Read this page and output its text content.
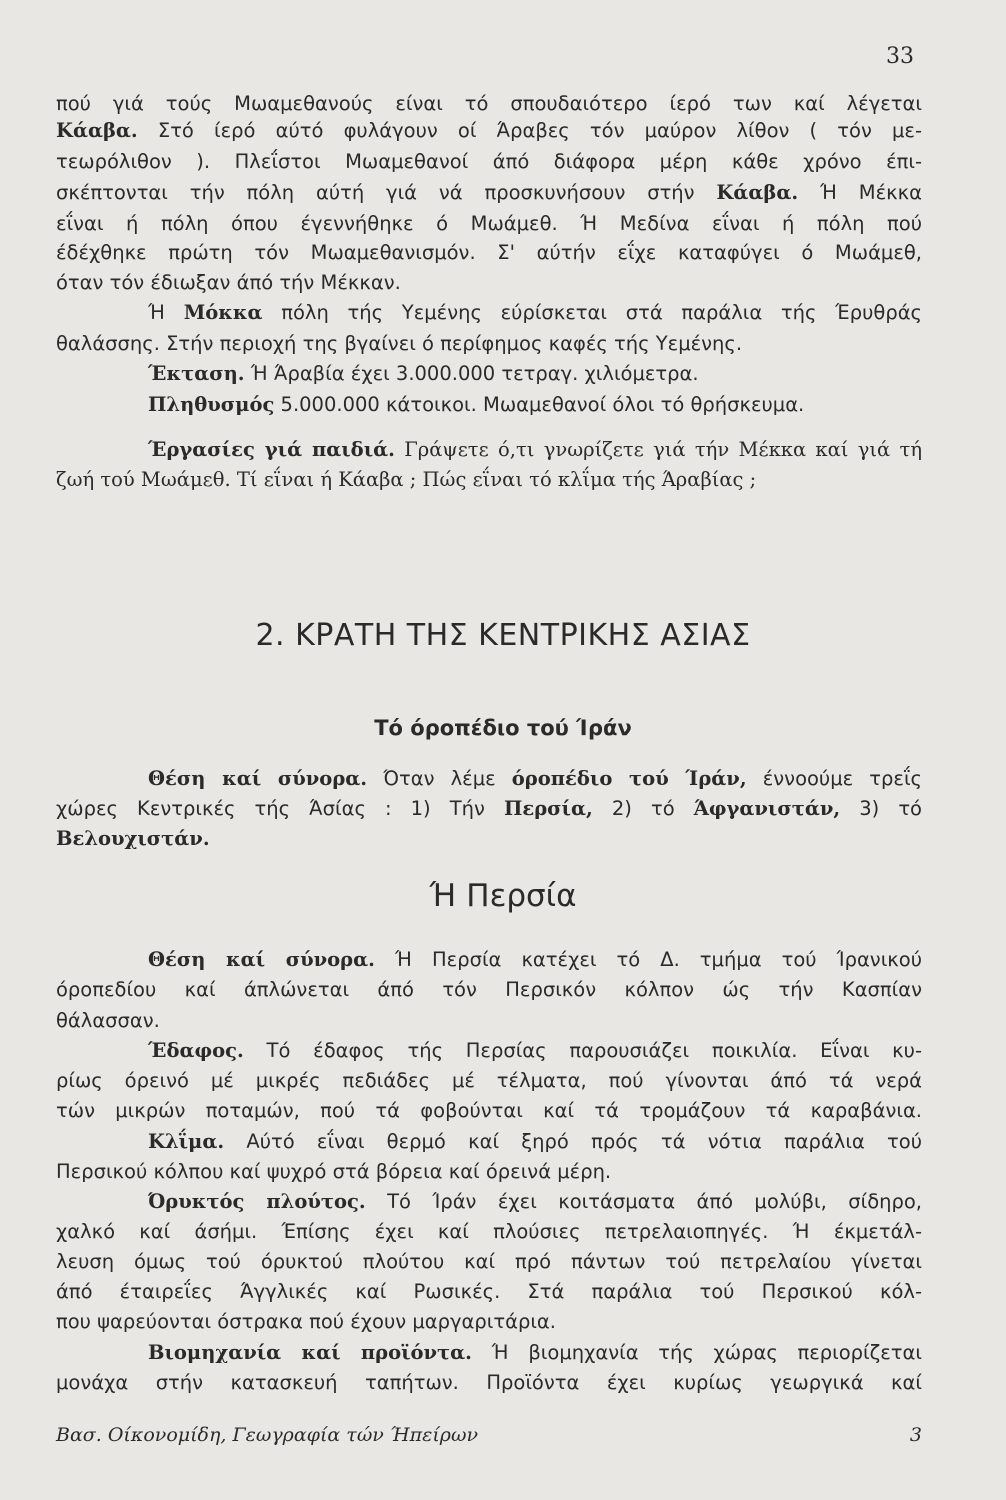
33
πού γιά τούς Μωαμεθανούς είναι τό σπουδαιότερο ίερό των καί λέγεται
Κάαβα. Στό ίερό αύτό φυλάγουν οί Άραβες τόν μαύρον λίθον ( τόν με-
τεωρόλιθον ). Πλεΐστοι Μωαμεθανοί άπό διάφορα μέρη κάθε χρόνο έπι-
σκέπτονται τήν πόλη αύτή γιά νά προσκυνήσουν στήν Κάαβα. Ή Μέκκα
εΐναι ή πόλη όπου έγεννήθηκε ό Μωάμεθ. Ή Μεδίνα εΐναι ή πόλη πού
έδέχθηκε πρώτη τόν Μωαμεθανισμόν. Σ' αύτήν εΐχε καταφύγει ό Μωάμεθ,
όταν τόν έδιωξαν άπό τήν Μέκκαν.
Ή Μόκκα πόλη τής Υεμένης εύρίσκεται στά παράλια τής Έρυθράς
θαλάσσης. Στήν περιοχή της βγαίνει ό περίφημος καφές τής Υεμένης.
Έκταση. Ή Άραβία έχει 3.000.000 τετραγ. χιλιόμετρα.
Πληθυσμός 5.000.000 κάτοικοι. Μωαμεθανοί όλοι τό θρήσκευμα.
Έργασίες γιά παιδιά. Γράψετε ό,τι γνωρίζετε γιά τήν Μέκκα καί γιά τή
ζωή τού Μωάμεθ. Τί εΐναι ή Κάαβα ; Πώς εΐναι τό κλΐμα τής Άραβίας ;
2. ΚΡΑΤΗ ΤΗΣ ΚΕΝΤΡΙΚΗΣ ΑΣΙΑΣ
Τό όροπέδιο τού Ίράν
Θέση καί σύνορα. Όταν λέμε όροπέδιο τού Ίράν, έννοούμε τρεΐς
χώρες Κεντρικές τής Άσίας : 1) Τήν Περσία, 2) τό Άφγανιστάν, 3) τό
Βελουχιστάν.
Ή Περσία
Θέση καί σύνορα. Ή Περσία κατέχει τό Δ. τμήμα τού Ίρανικού
όροπεδίου καί άπλώνεται άπό τόν Περσικόν κόλπον ώς τήν Κασπίαν
θάλασσαν.
Έδαφος. Τό έδαφος τής Περσίας παρουσιάζει ποικιλία. Εΐναι κυ-
ρίως όρεινό μέ μικρές πεδιάδες μέ τέλματα, πού γίνονται άπό τά νερά
τών μικρών ποταμών, πού τά φοβούνται καί τά τρομάζουν τά καραβάνια.
Κλΐμα. Αύτό εΐναι θερμό καί ξηρό πρός τά νότια παράλια τού
Περσικού κόλπου καί ψυχρό στά βόρεια καί όρεινά μέρη.
Όρυκτός πλούτος. Τό Ίράν έχει κοιτάσματα άπό μολύβι, σίδηρο,
χαλκό καί άσήμι. Έπίσης έχει καί πλούσιες πετρελαιοπηγές. Ή έκμετάλ-
λευση όμως τού όρυκτού πλούτου καί πρό πάντων τού πετρελαίου γίνεται
άπό έταιρεΐες Άγγλικές καί Ρωσικές. Στά παράλια τού Περσικού κόλ-
που ψαρεύονται όστρακα πού έχουν μαργαριτάρια.
Βιομηχανία καί προϊόντα. Ή βιομηχανία τής χώρας περιορίζεται
μονάχα στήν κατασκευή ταπήτων. Προϊόντα έχει κυρίως γεωργικά καί
Βασ. Οίκονομίδη, Γεωγραφία τών Ήπείρων	3
